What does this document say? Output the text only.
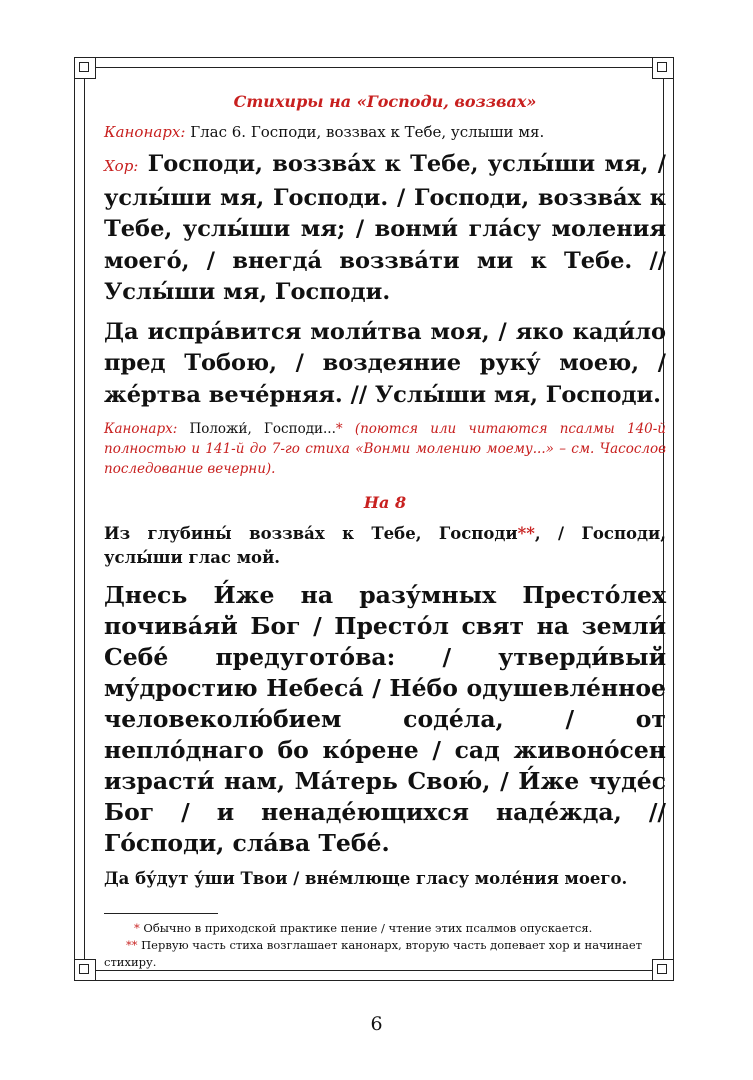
Стихиры на «Господи, воззвах»

Канонарх: Глас 6. Господи, воззвах к Тебе, услыши мя.

Хор: Господи, воззва́х к Тебе, услы́ши мя, / услы́ши мя, Господи. / Господи, воззва́х к Тебе, услы́ши мя; / вонми́ гла́су моления моего́, / внегда́ воззва́ти ми к Тебе. // Услы́ши мя, Господи.

Да испра́вится моли́тва моя, / яко кади́ло пред Тобою, / воздеяние руку́ моею, / же́ртва вече́рняя. // Услы́ши мя, Господи.

Канонарх: Положи́, Господи...* (поются или читаются псалмы 140-й полностью и 141-й до 7-го стиха «Вонми молению моему...» – см. Часослов последование вечерни).

На 8

Из глубины́ воззва́х к Тебе, Господи**, / Господи, услы́ши глас мой.

Днесь И́же на разу́мных Престо́лех почива́яй Бог / Престо́л свят на земли́ Себе́ предугото́ва: / утверди́вый му́дростию Небеса́ / Не́бо одушевле́нное человеколю́бием соде́ла, / от непло́днаго бо ко́рене / сад живоно́сен израсти́ нам, Ма́терь Свою́, / И́же чуде́с Бог / и ненаде́ющихся наде́жда, // Го́споди, сла́ва Тебе́.

Да бу́дут у́ши Твои / вне́млюще гласу моле́ния моего.

* Обычно в приходской практике пение / чтение этих псалмов опускается.

** Первую часть стиха возглашает канонарх, вторую часть допевает хор и начинает стихиру.

6
